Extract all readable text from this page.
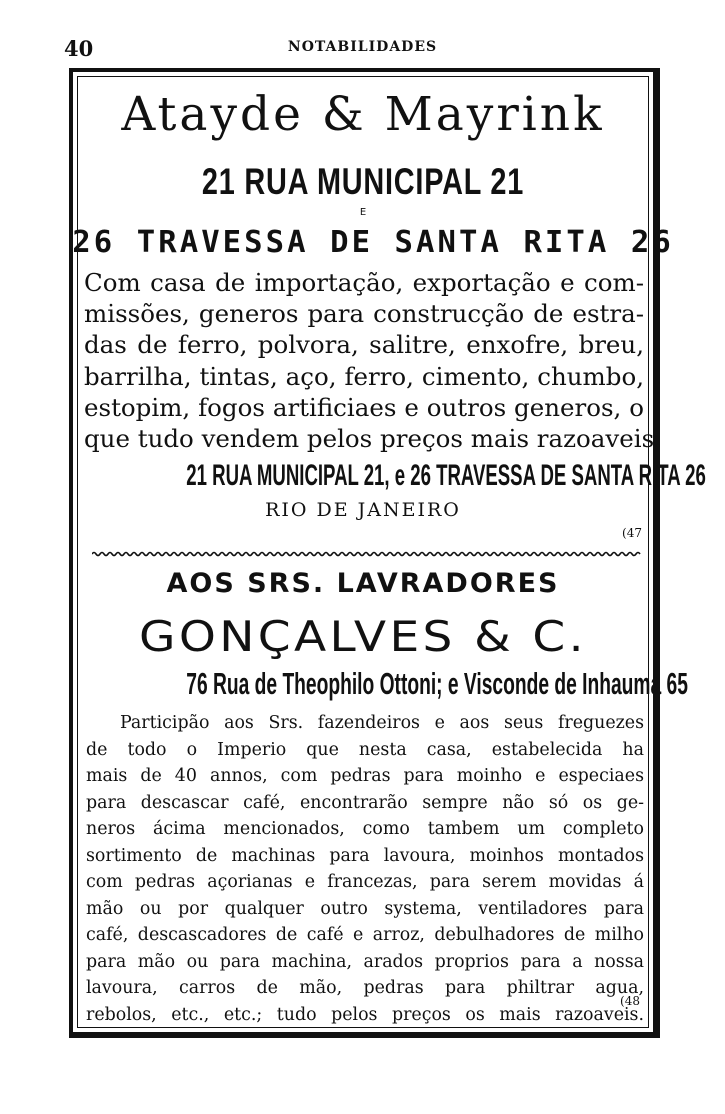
40	NOTABILIDADES
Atayde & Mayrink
21 RUA MUNICIPAL 21
E
26 TRAVESSA DE SANTA RITA 26
Com casa de importação, exportação e com-
missões, generos para construcção de estra-
das de ferro, polvora, salitre, enxofre, breu,
barrilha, tintas, aço, ferro, cimento, chumbo,
estopim, fogos artificiaes e outros generos, o
que tudo vendem pelos preços mais razoaveis.
21 RUA MUNICIPAL 21, e 26 TRAVESSA DE SANTA RITA 26
RIO DE JANEIRO
(47
AOS SRS. LAVRADORES
GONÇALVES & C.
76 Rua de Theophilo Ottoni; e Visconde de Inhauma 65
Participão aos Srs. fazendeiros e aos seus freguezes
de todo o Imperio que nesta casa, estabelecida ha
mais de 40 annos, com pedras para moinho e especiaes
para descascar café, encontrarão sempre não só os ge-
neros ácima mencionados, como tambem um completo
sortimento de machinas para lavoura, moinhos montados
com pedras açorianas e francezas, para serem movidas á
mão ou por qualquer outro systema, ventiladores para
café, descascadores de café e arroz, debulhadores de milho
para mão ou para machina, arados proprios para a nossa
lavoura, carros de mão, pedras para philtrar agua,
rebolos, etc., etc.; tudo pelos preços os mais razoaveis.
(48
